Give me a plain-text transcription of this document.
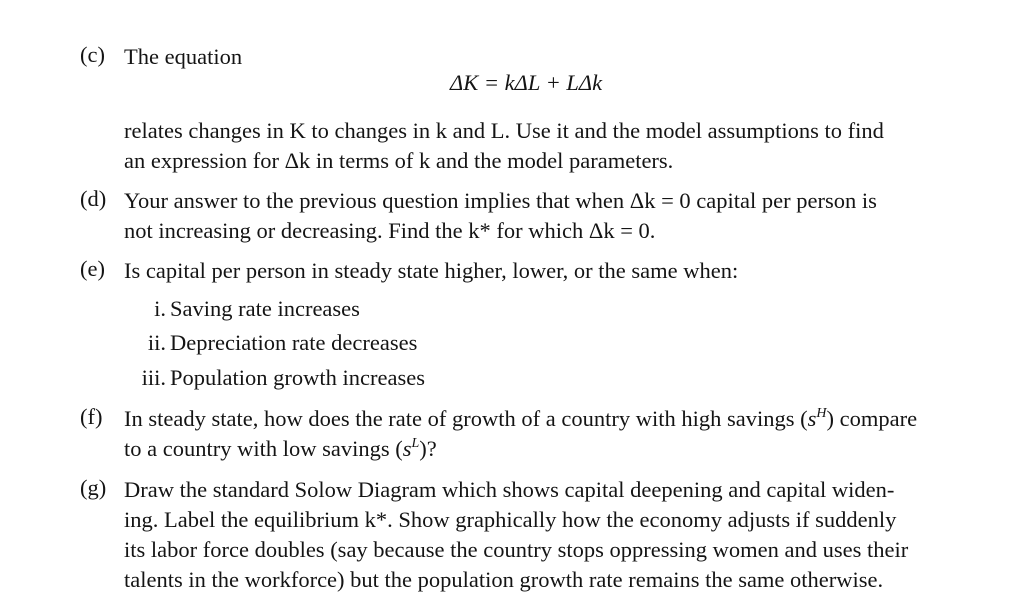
(c) The equation
ΔK = kΔL + LΔk
relates changes in K to changes in k and L. Use it and the model assumptions to find
an expression for Δk in terms of k and the model parameters.
(d) Your answer to the previous question implies that when Δk = 0 capital per person is
not increasing or decreasing. Find the k* for which Δk = 0.
(e) Is capital per person in steady state higher, lower, or the same when:
i. Saving rate increases
ii. Depreciation rate decreases
iii. Population growth increases
(f) In steady state, how does the rate of growth of a country with high savings $(s^H)$ compare
to a country with low savings $(s^L)$?
(g) Draw the standard Solow Diagram which shows capital deepening and capital widen-
ing. Label the equilibrium k*. Show graphically how the economy adjusts if suddenly
its labor force doubles (say because the country stops oppressing women and uses their
talents in the workforce) but the population growth rate remains the same otherwise.
